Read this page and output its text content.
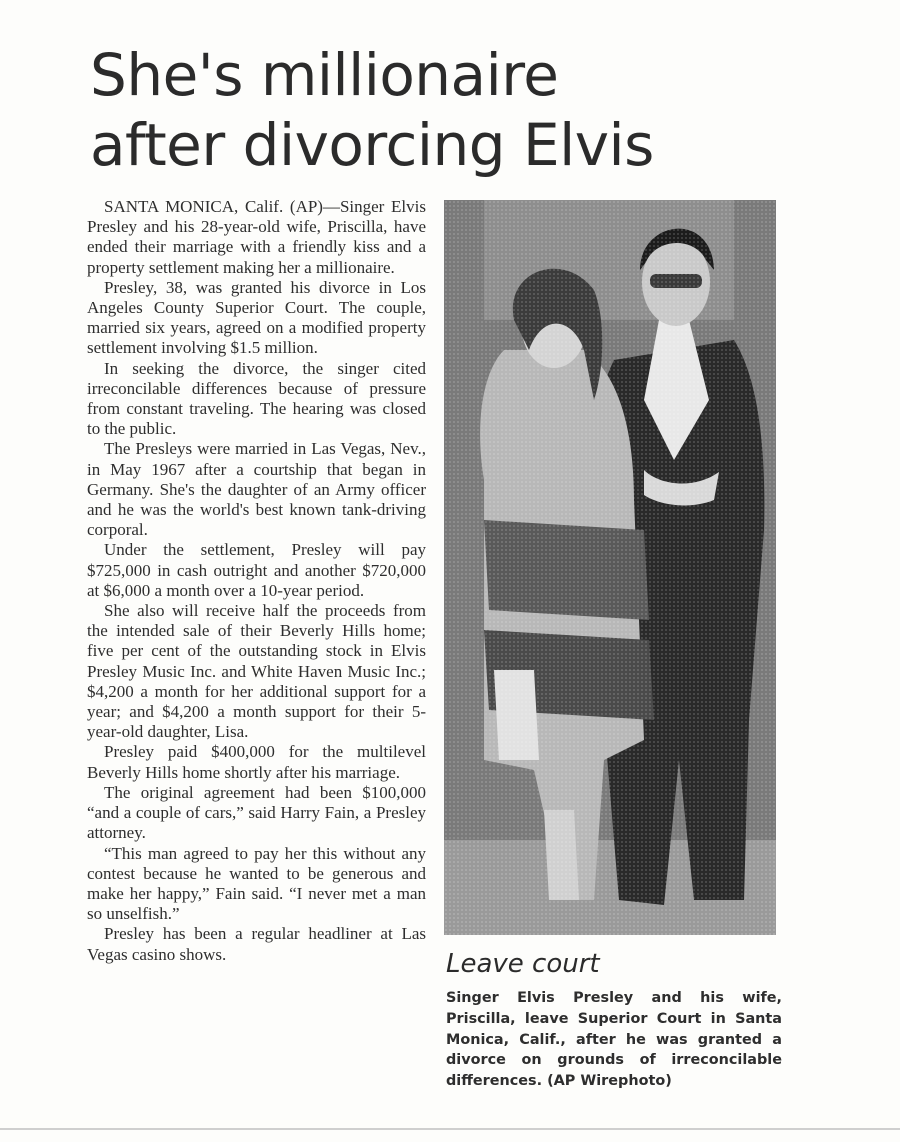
She's millionaire
after divorcing Elvis

SANTA MONICA, Calif. (AP)—Singer Elvis Presley and his 28-year-old wife, Priscilla, have ended their marriage with a friendly kiss and a property settlement making her a millionaire.

Presley, 38, was granted his divorce in Los Angeles County Superior Court. The couple, married six years, agreed on a modified property settlement involving $1.5 million.

In seeking the divorce, the singer cited irreconcilable differences because of pressure from constant traveling. The hearing was closed to the public.

The Presleys were married in Las Vegas, Nev., in May 1967 after a courtship that began in Germany. She's the daughter of an Army officer and he was the world's best known tank-driving corporal.

Under the settlement, Presley will pay $725,000 in cash outright and another $720,000 at $6,000 a month over a 10-year period.

She also will receive half the proceeds from the intended sale of their Beverly Hills home; five per cent of the outstanding stock in Elvis Presley Music Inc. and White Haven Music Inc.; $4,200 a month for her additional support for a year; and $4,200 a month support for their 5-year-old daughter, Lisa.

Presley paid $400,000 for the multilevel Beverly Hills home shortly after his marriage.

The original agreement had been $100,000 “and a couple of cars,” said Harry Fain, a Presley attorney.

“This man agreed to pay her this without any contest because he wanted to be generous and make her happy,” Fain said. “I never met a man so unselfish.”

Presley has been a regular headliner at Las Vegas casino shows.	Leave court

Singer Elvis Presley and his wife, Priscilla, leave Superior Court in Santa Monica, Calif., after he was granted a divorce on grounds of irreconcilable differences. (AP Wirephoto)
